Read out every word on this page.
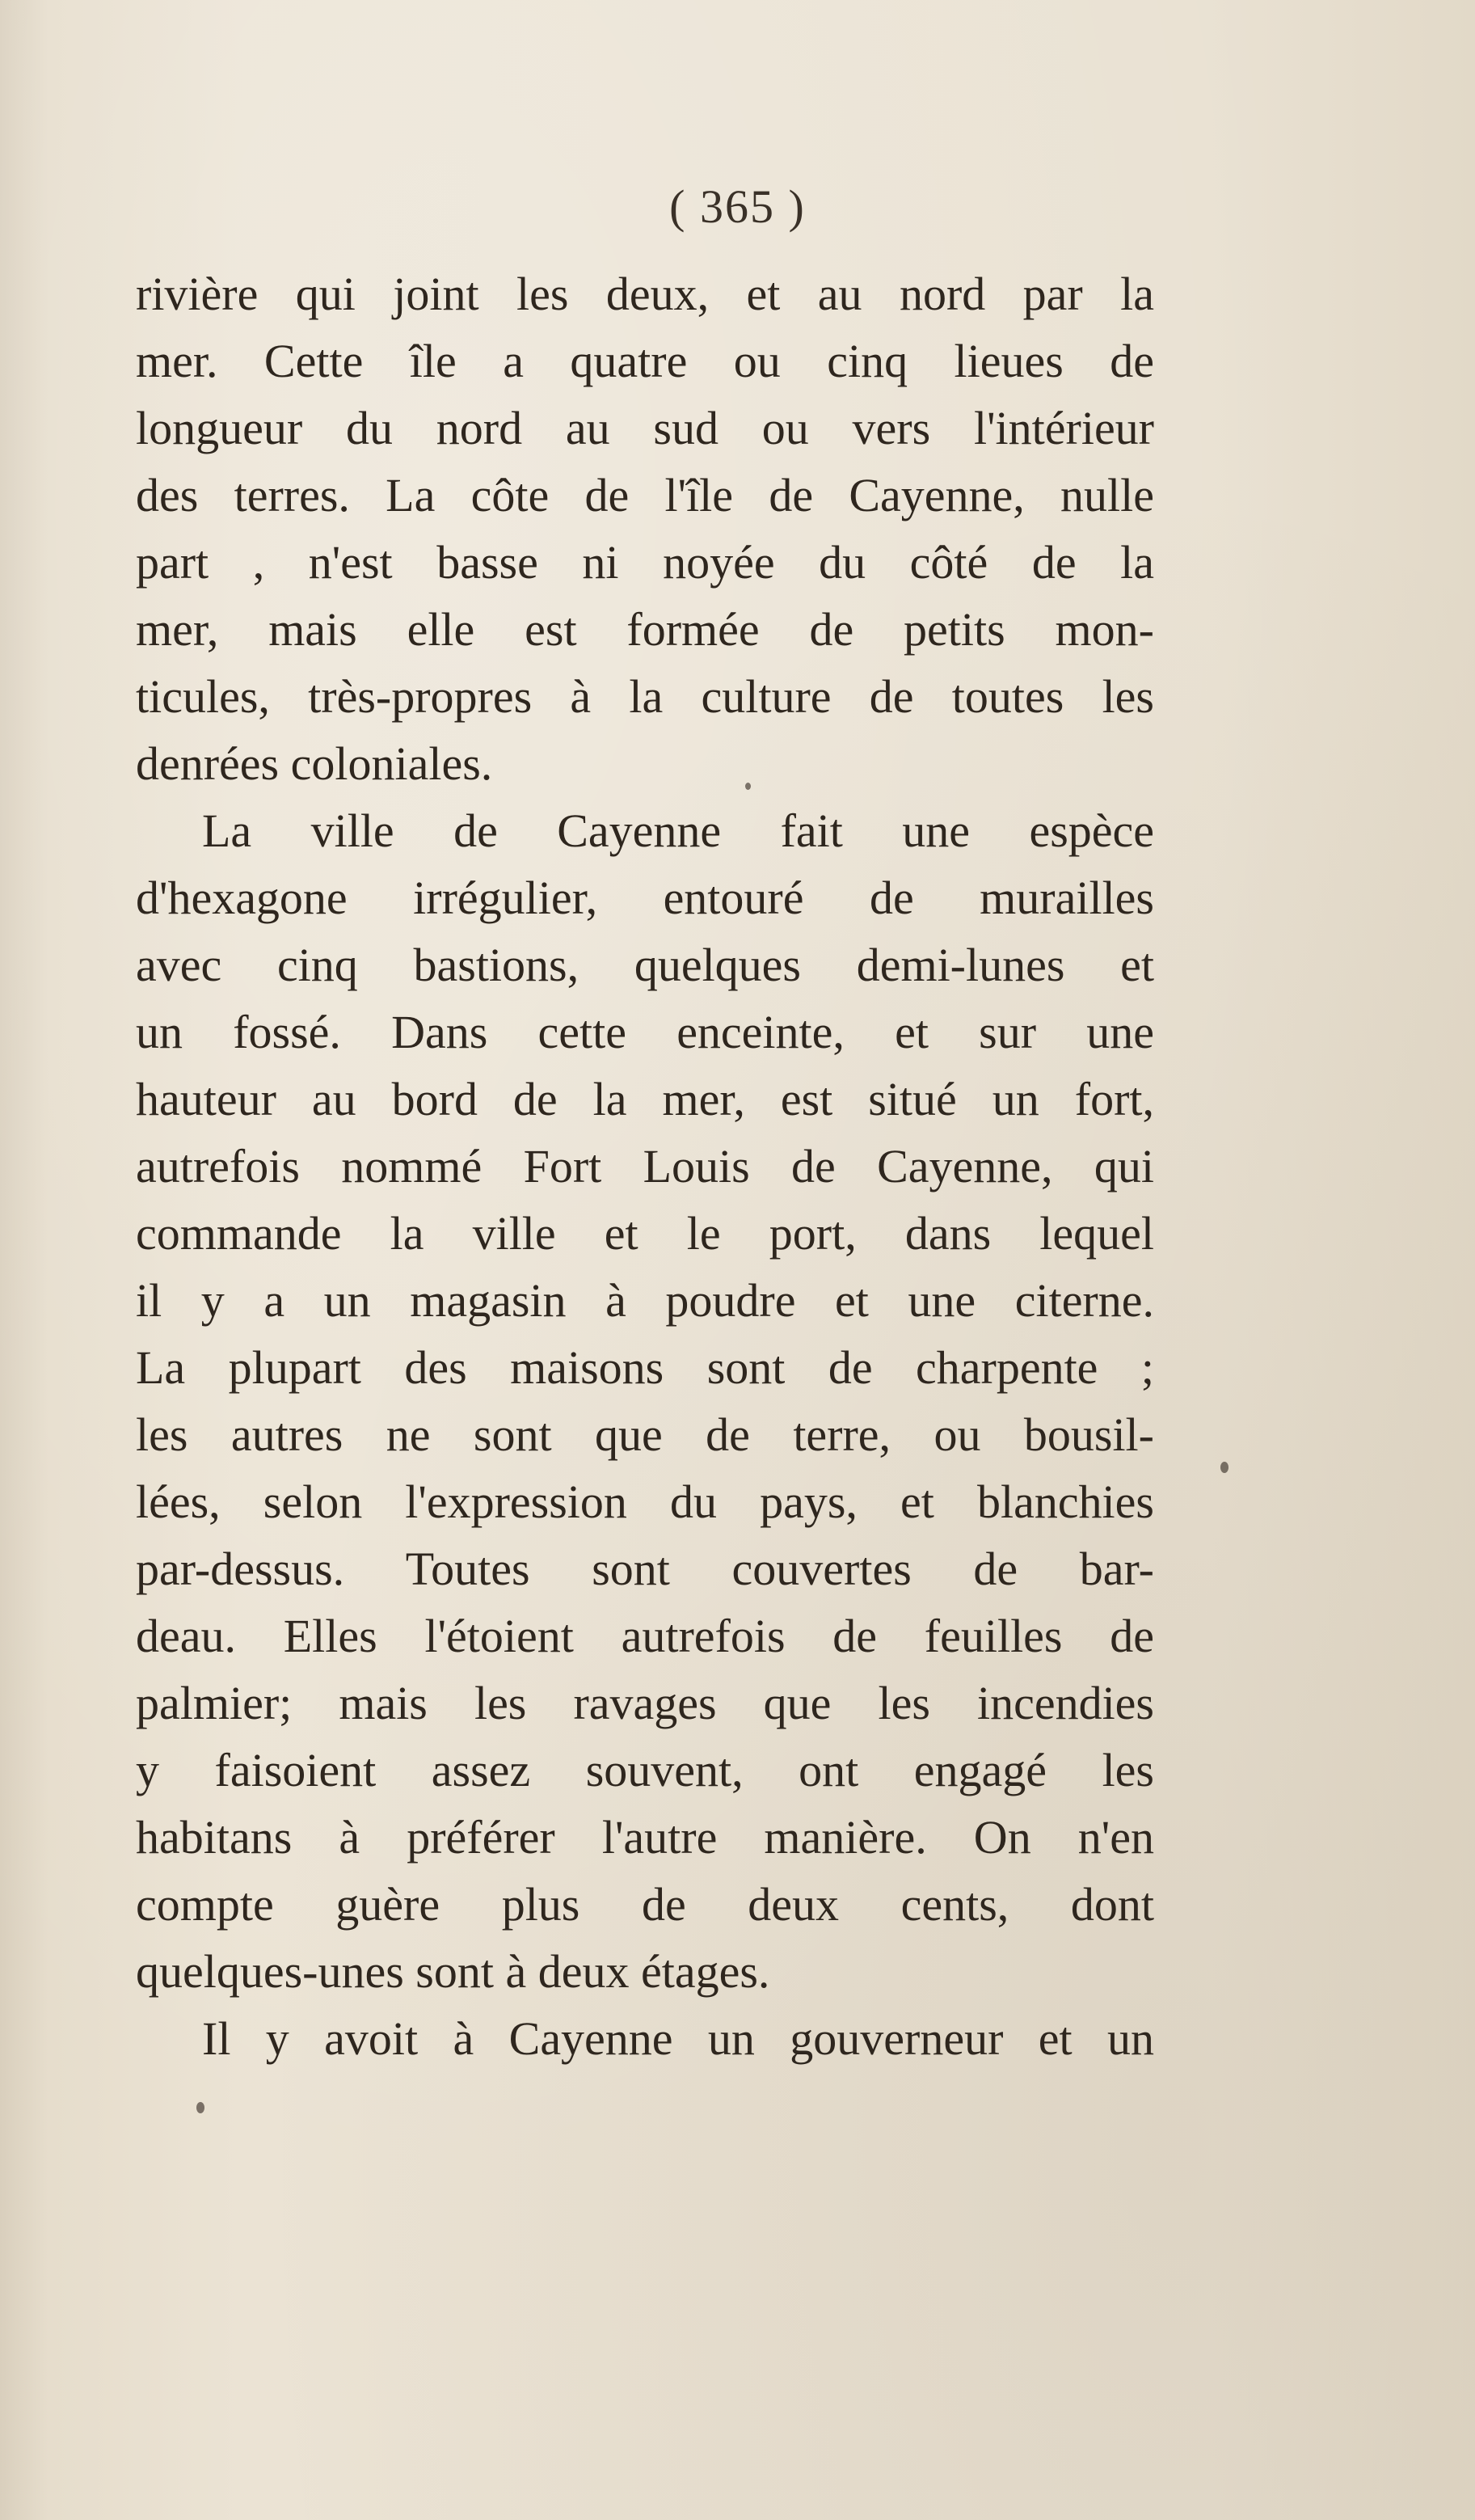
( 365 )
rivière qui joint les deux, et au nord par la
mer. Cette île a quatre ou cinq lieues de
longueur du nord au sud ou vers l'intérieur
des terres. La côte de l'île de Cayenne, nulle
part , n'est basse ni noyée du côté de la
mer, mais elle est formée de petits mon-
ticules, très-propres à la culture de toutes les
denrées coloniales.
La ville de Cayenne fait une espèce
d'hexagone irrégulier, entouré de murailles
avec cinq bastions, quelques demi-lunes et
un fossé. Dans cette enceinte, et sur une
hauteur au bord de la mer, est situé un fort,
autrefois nommé Fort Louis de Cayenne, qui
commande la ville et le port, dans lequel
il y a un magasin à poudre et une citerne.
La plupart des maisons sont de charpente ;
les autres ne sont que de terre, ou bousil-
lées, selon l'expression du pays, et blanchies
par-dessus. Toutes sont couvertes de bar-
deau. Elles l'étoient autrefois de feuilles de
palmier; mais les ravages que les incendies
y faisoient assez souvent, ont engagé les
habitans à préférer l'autre manière. On n'en
compte guère plus de deux cents, dont
quelques-unes sont à deux étages.
Il y avoit à Cayenne un gouverneur et un
